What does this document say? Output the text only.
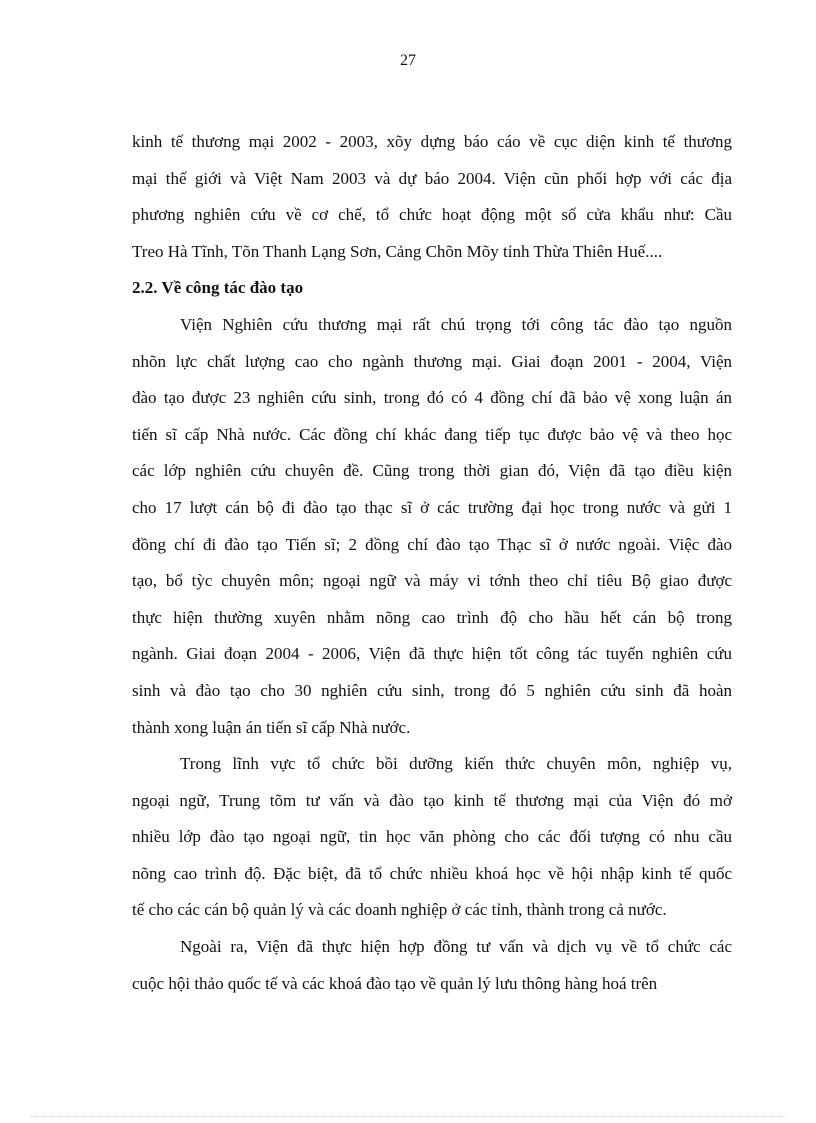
27
kinh tế thương mại 2002 - 2003, xõy dựng báo cáo về cục diện kinh tế thương
mại thế giới và Việt Nam 2003 và dự báo 2004. Viện cũn phối hợp với các địa
phương nghiên cứu về cơ chế, tổ chức hoạt động một số cửa khẩu như: Cầu
Treo Hà Tĩnh, Tõn Thanh Lạng Sơn, Cảng Chõn Mõy tỉnh Thừa Thiên Huế....
2.2. Về công tác đào tạo
Viện Nghiên cứu thương mại rất chú trọng tới công tác đào tạo nguồn
nhõn lực chất lượng cao cho ngành thương mại. Giai đoạn 2001 - 2004, Viện
đào tạo được 23 nghiên cứu sinh, trong đó có 4 đồng chí đã bảo vệ xong luận án
tiến sĩ cấp Nhà nước. Các đồng chí khác đang tiếp tục được bảo vệ và theo học
các lớp nghiên cứu chuyên đề. Cũng trong thời gian đó, Viện đã tạo điều kiện
cho 17 lượt cán bộ đi đào tạo thạc sĩ ở các trường đại học trong nước và gửi 1
đồng chí đi đào tạo Tiến sĩ; 2 đồng chí đào tạo Thạc sĩ ở nước ngoài. Việc đào
tạo, bổ tỳc chuyên môn; ngoại ngữ và máy vi tớnh theo chỉ tiêu Bộ giao được
thực hiện thường xuyên nhằm nõng cao trình độ cho hầu hết cán bộ trong
ngành. Giai đoạn 2004 - 2006, Viện đã thực hiện tốt công tác tuyển nghiên cứu
sinh và đào tạo cho 30 nghiên cứu sinh, trong đó 5 nghiên cứu sinh đã hoàn
thành xong luận án tiến sĩ cấp Nhà nước.
Trong lĩnh vực tổ chức bồi dưỡng kiến thức chuyên môn, nghiệp vụ,
ngoại ngữ, Trung tõm tư vấn và đào tạo kinh tế thương mại của Viện đó mở
nhiều lớp đào tạo ngoại ngữ, tin học văn phòng cho các đối tượng có nhu cầu
nõng cao trình độ. Đặc biệt, đã tổ chức nhiều khoá học về hội nhập kinh tế quốc
tế cho các cán bộ quản lý và các doanh nghiệp ở các tỉnh, thành trong cả nước.
Ngoài ra, Viện đã thực hiện hợp đồng tư vấn và dịch vụ về tổ chức các
cuộc hội thảo quốc tế và các khoá đào tạo về quản lý lưu thông hàng hoá trên
